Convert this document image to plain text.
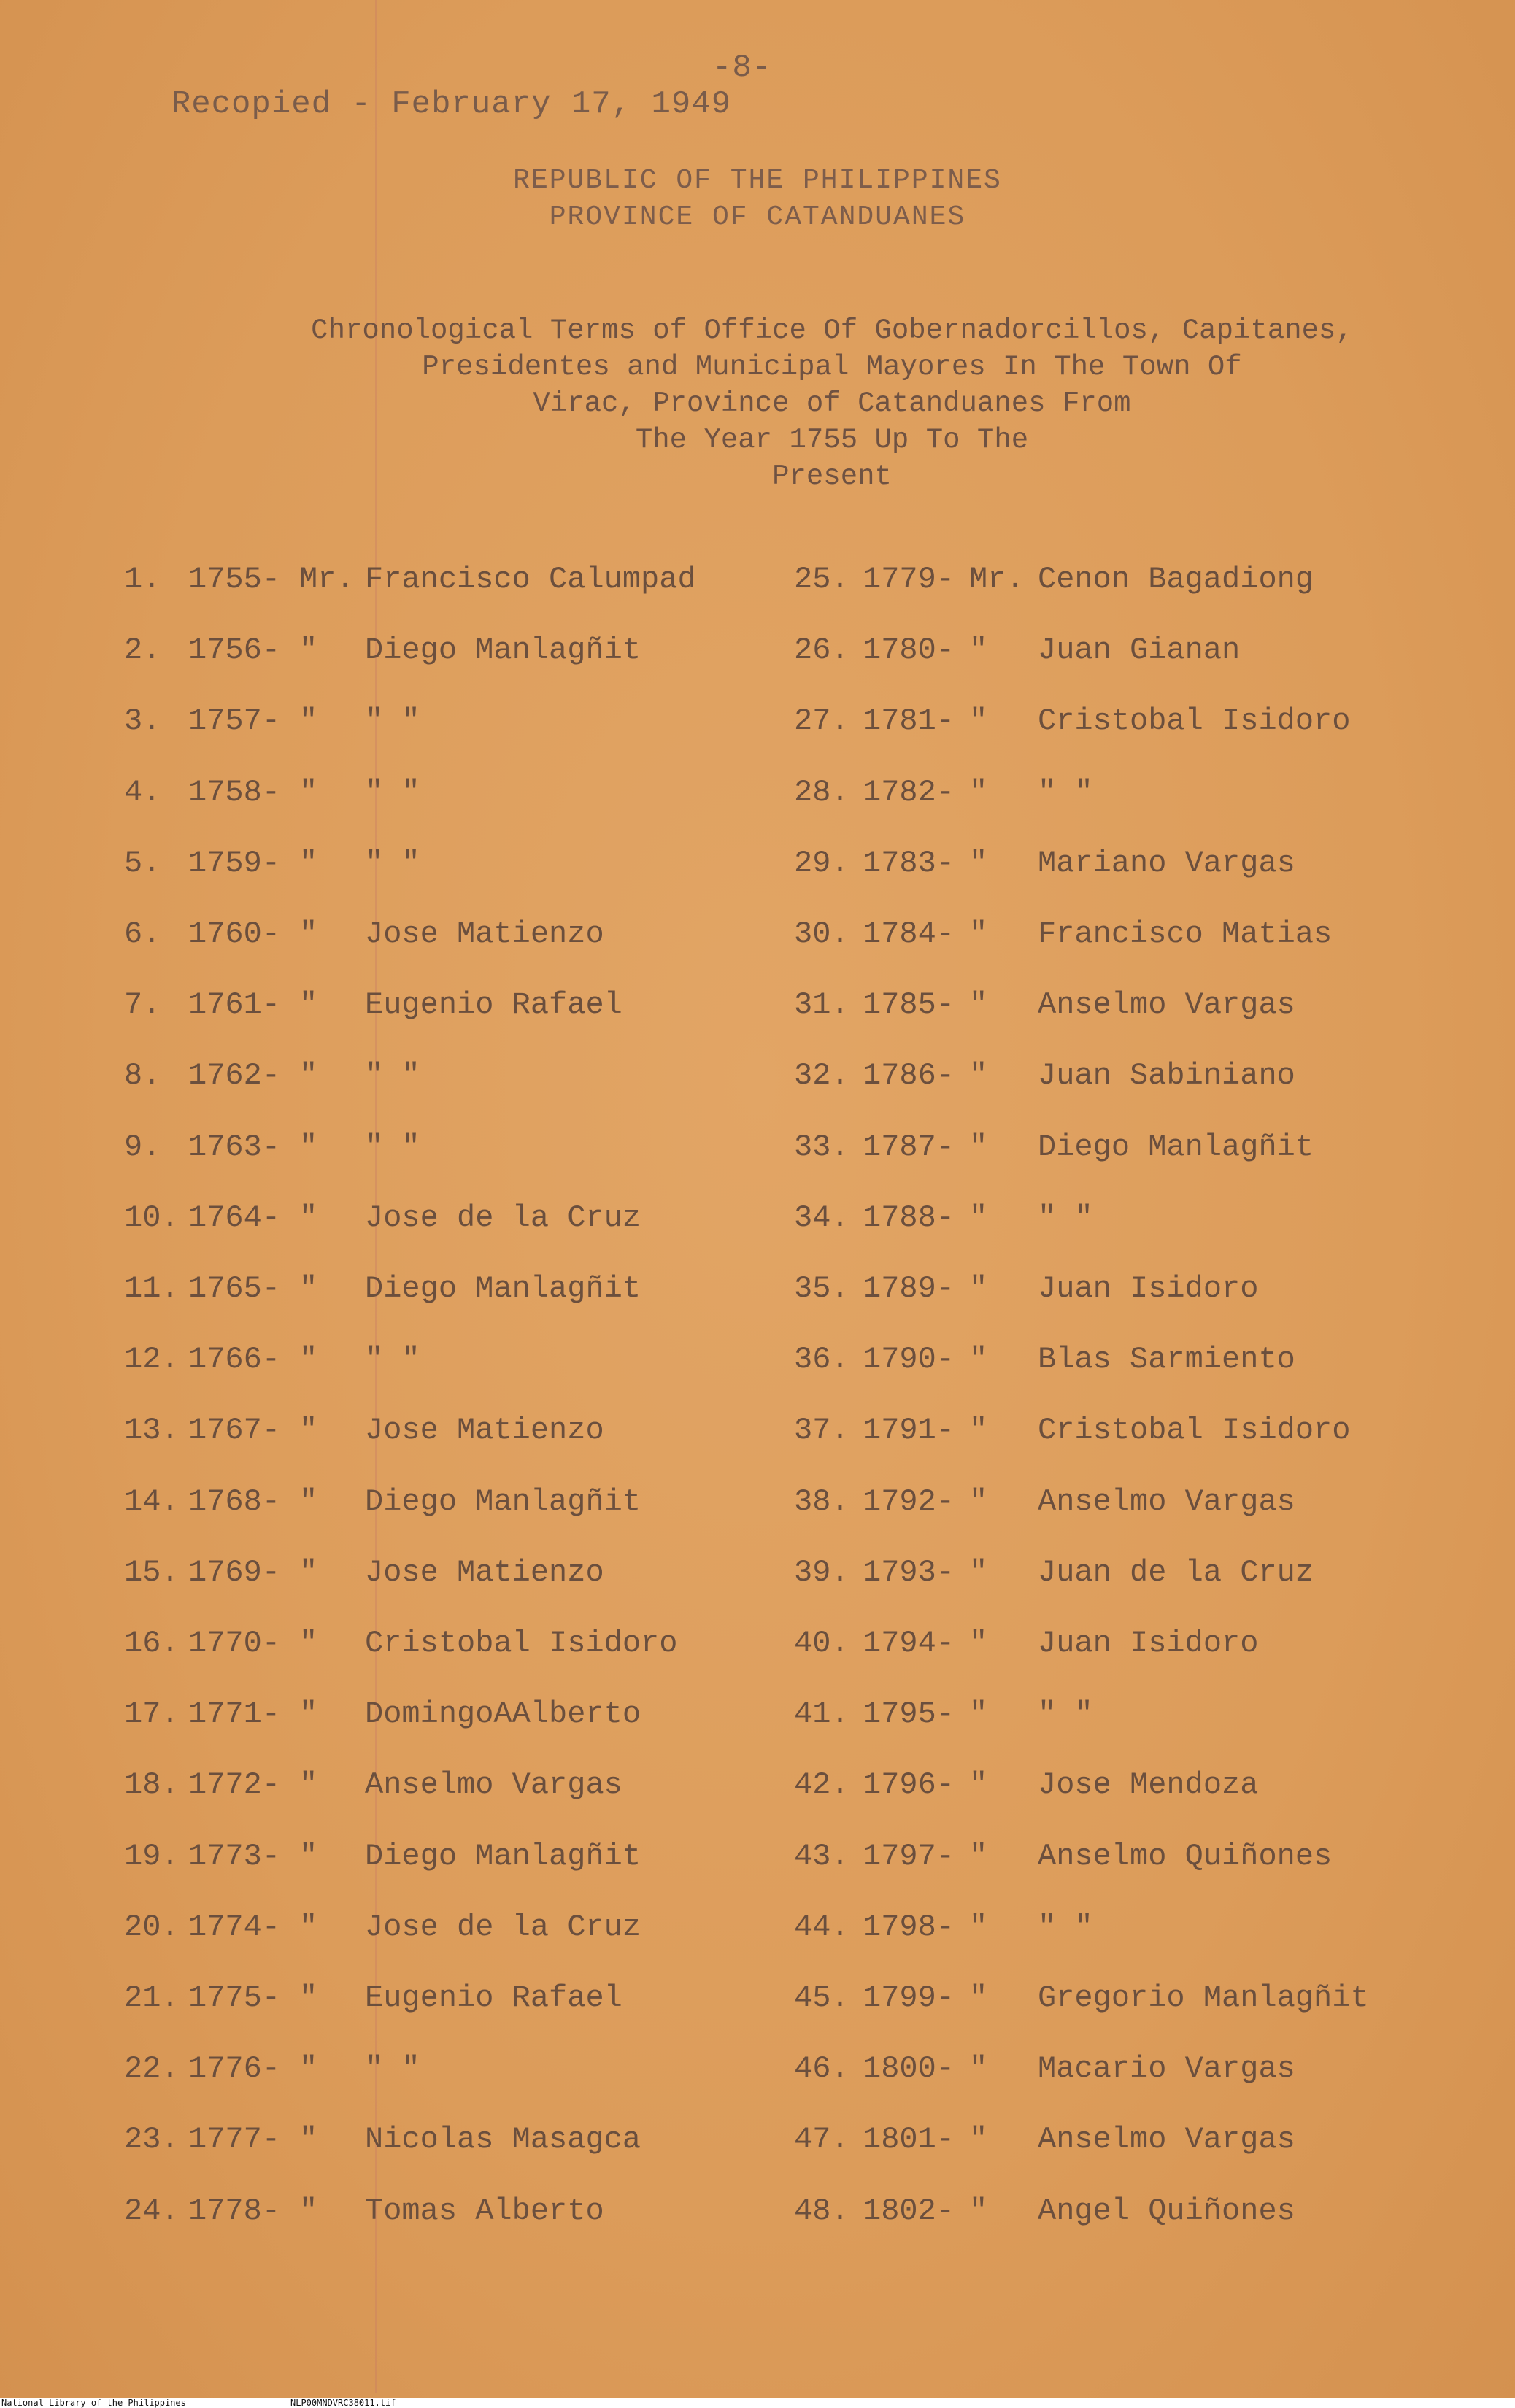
Recopied - February 17, 1949

-8-

REPUBLIC OF THE PHILIPPINES
PROVINCE OF CATANDUANES
Chronological Terms of Office Of Gobernadorcillos, Capitanes,
Presidentes and Municipal Mayores In The Town Of
Virac, Province of Catanduanes From
The Year 1755 Up To The
Present
1. 1755- Mr. Francisco Calumpad
2. 1756- " Diego Manlagñit
3. 1757- " " "
4. 1758- " " "
5. 1759- " " "
6. 1760- " Jose Matienzo
7. 1761- " Eugenio Rafael
8. 1762- " " "
9. 1763- " " "
10. 1764- " Jose de la Cruz
11. 1765- " Diego Manlagñit
12. 1766- " " "
13. 1767- " Jose Matienzo
14. 1768- " Diego Manlagñit
15. 1769- " Jose Matienzo
16. 1770- " Cristobal Isidoro
17. 1771- " DomingoAAlberto
18. 1772- " Anselmo Vargas
19. 1773- " Diego Manlagñit
20. 1774- " Jose de la Cruz
21. 1775- " Eugenio Rafael
22. 1776- " " "
23. 1777- " Nicolas Masagca
24. 1778- " Tomas Alberto
25. 1779- Mr. Cenon Bagadiong
26. 1780- " Juan Gianan
27. 1781- " Cristobal Isidoro
28. 1782- " " "
29. 1783- " Mariano Vargas
30. 1784- " Francisco Matias
31. 1785- " Anselmo Vargas
32. 1786- " Juan Sabiniano
33. 1787- " Diego Manlagñit
34. 1788- " " "
35. 1789- " Juan Isidoro
36. 1790- " Blas Sarmiento
37. 1791- " Cristobal Isidoro
38. 1792- " Anselmo Vargas
39. 1793- " Juan de la Cruz
40. 1794- " Juan Isidoro
41. 1795- " " "
42. 1796- " Jose Mendoza
43. 1797- " Anselmo Quiñones
44. 1798- " " "
45. 1799- " Gregorio Manlagñit
46. 1800- " Macario Vargas
47. 1801- " Anselmo Vargas
48. 1802- " Angel Quiñones
National Library of the Philippines	NLP00MNDVRC38011.tif
